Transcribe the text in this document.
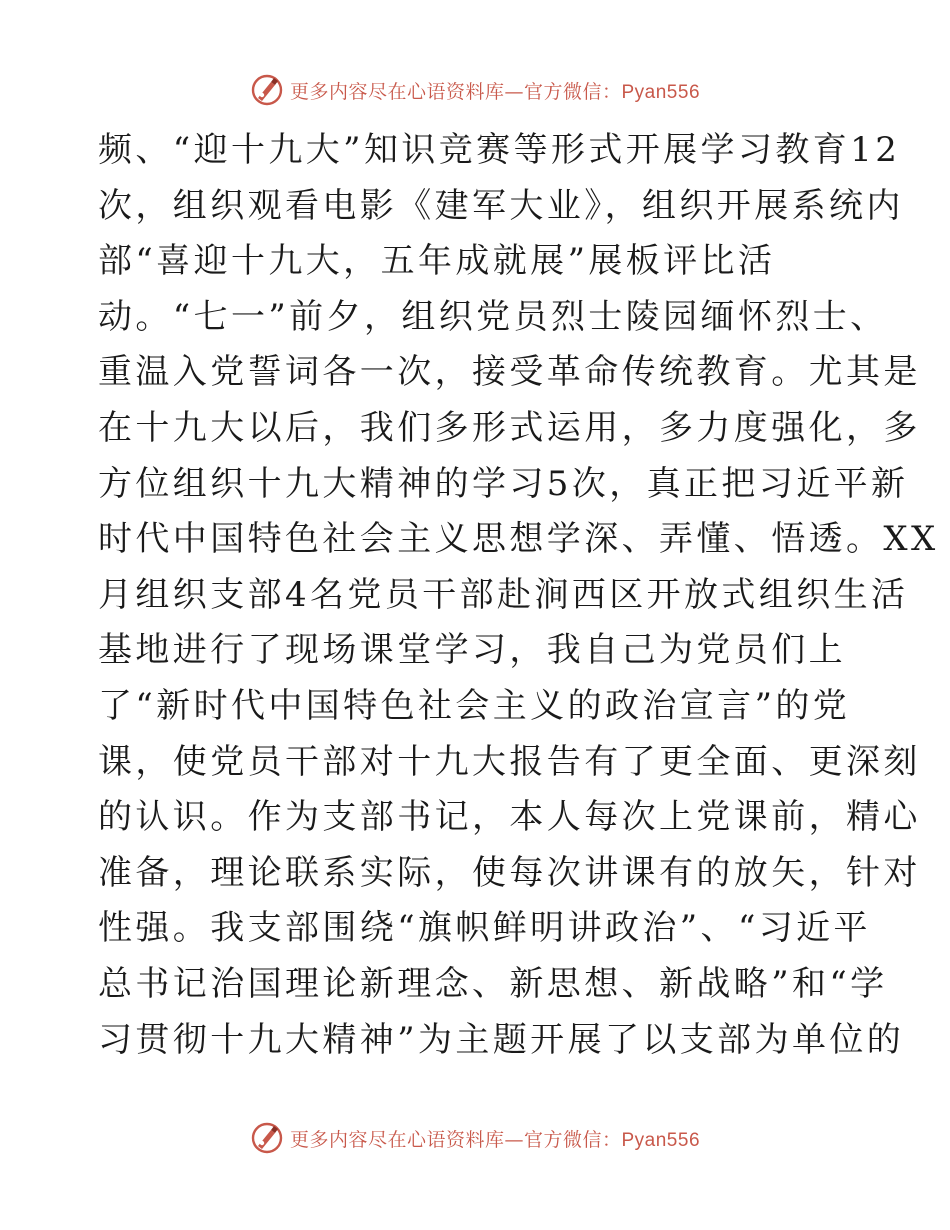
更多内容尽在心语资料库—官方微信：Pyan556
频、“迎十九大”知识竞赛等形式开展学习教育12
次，组织观看电影《建军大业》，组织开展系统内
部“喜迎十九大，五年成就展”展板评比活
动。“七一”前夕，组织党员烈士陵园缅怀烈士、
重温入党誓词各一次，接受革命传统教育。尤其是
在十九大以后，我们多形式运用，多力度强化，多
方位组织十九大精神的学习5次，真正把习近平新
时代中国特色社会主义思想学深、弄懂、悟透。XX
月组织支部4名党员干部赴涧西区开放式组织生活
基地进行了现场课堂学习，我自己为党员们上
了“新时代中国特色社会主义的政治宣言”的党
课，使党员干部对十九大报告有了更全面、更深刻
的认识。作为支部书记，本人每次上党课前，精心
准备，理论联系实际，使每次讲课有的放矢，针对
性强。我支部围绕“旗帜鲜明讲政治”、“习近平
总书记治国理论新理念、新思想、新战略”和“学
习贯彻十九大精神”为主题开展了以支部为单位的
更多内容尽在心语资料库—官方微信：Pyan556
